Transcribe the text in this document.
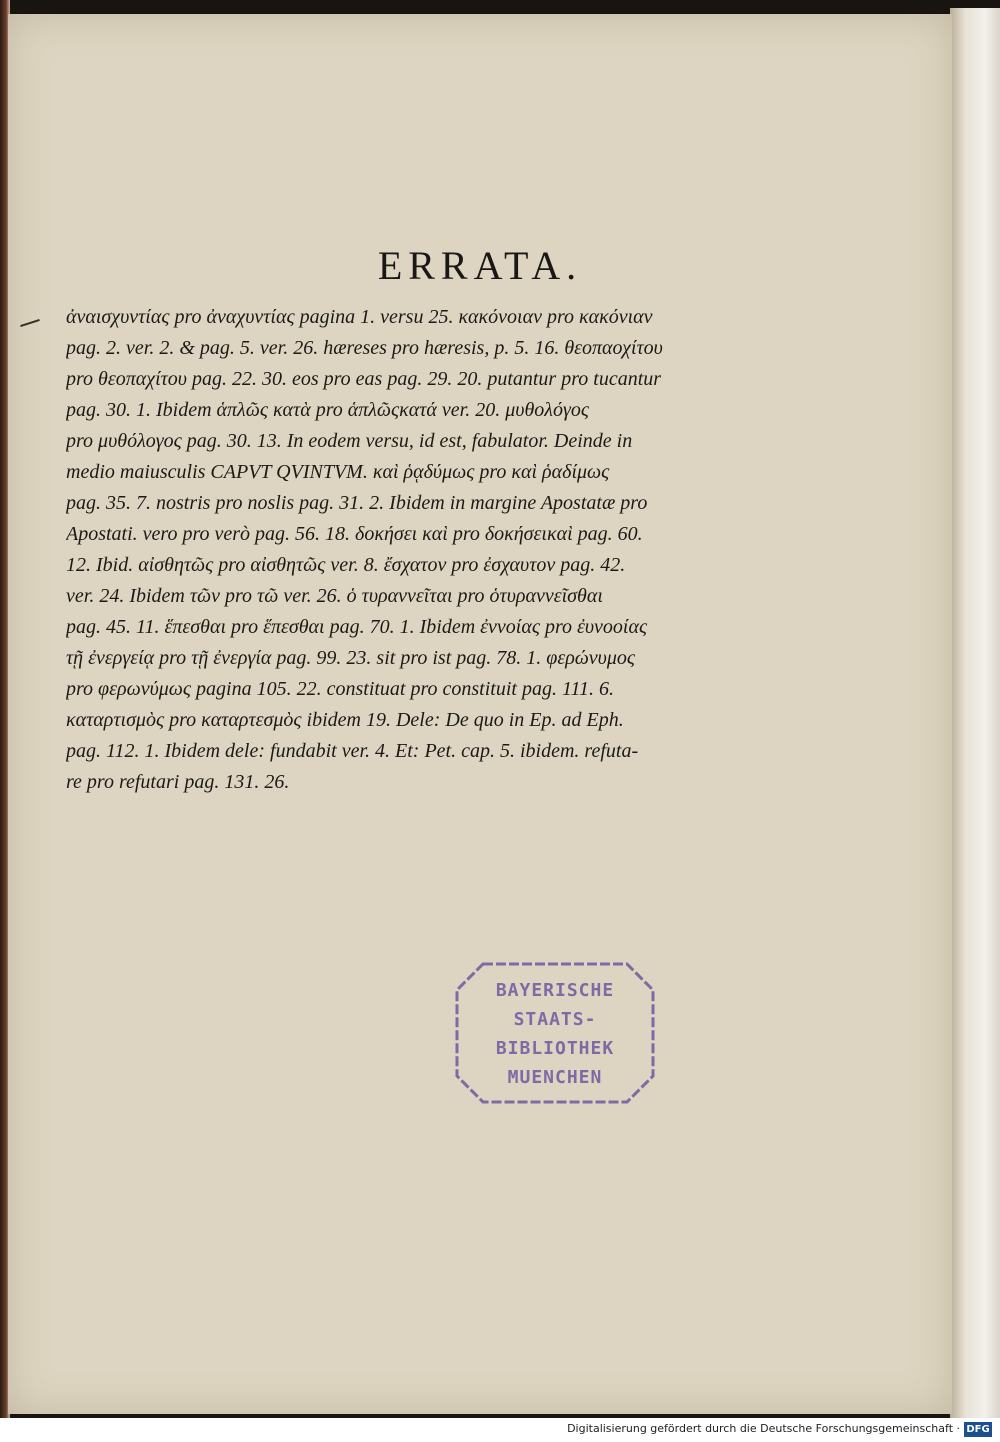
ERRATA.
ἀναισχυντίας pro ἀναχυντίας pagina 1. versu 25. κακόνοιαν pro κακόνιαν
pag. 2. ver. 2. & pag. 5. ver. 26. hæreses pro hæresis, p. 5. 16. θεοπαοχίτου
pro θεοπαχίτου pag. 22. 30. eos pro eas pag. 29. 20. putantur pro tucantur
pag. 30. 1. Ibidem ἁπλῶς κατὰ pro ἁπλῶςκατά ver. 20. μυθολόγος
pro μυθόλογος pag. 30. 13. In eodem versu, id est, fabulator. Deinde in
medio maiusculis CAPVT QVINTVM. καὶ ῥᾳδύμως pro καὶ ῥαδίμως
pag. 35. 7. nostris pro noslis pag. 31. 2. Ibidem in margine Apostatæ pro
Apostati. vero pro verò pag. 56. 18. δοκήσει καὶ pro δοκήσεικαὶ pag. 60.
12. Ibid. αἰσθητῶς pro αἰσθητῶς ver. 8. ἔσχατον pro ἐσχαυτον pag. 42.
ver. 24. Ibidem τῶν pro τῶ ver. 26. ὁ τυραννεῖται pro ὁτυραννεῖσθαι
pag. 45. 11. ἕπεσθαι pro ἕπεσθαι pag. 70. 1. Ibidem ἐννοίας pro ἐυνοοίας
τῇ ἐνεργείᾳ pro τῇ ἐνεργία pag. 99. 23. sit pro ist pag. 78. 1. φερώνυμος
pro φερωνύμως pagina 105. 22. constituat pro constituit pag. 111. 6.
καταρτισμὸς pro καταρτεσμὸς ibidem 19. Dele: De quo in Ep. ad Eph.
pag. 112. 1. Ibidem dele: fundabit ver. 4. Et: Pet. cap. 5. ibidem. refuta-
re pro refutari pag. 131. 26.
BAYERISCHE
STAATS-
BIBLIOTHEK
MUENCHEN
Digitalisierung gefördert durch die Deutsche Forschungsgemeinschaft · DFG
